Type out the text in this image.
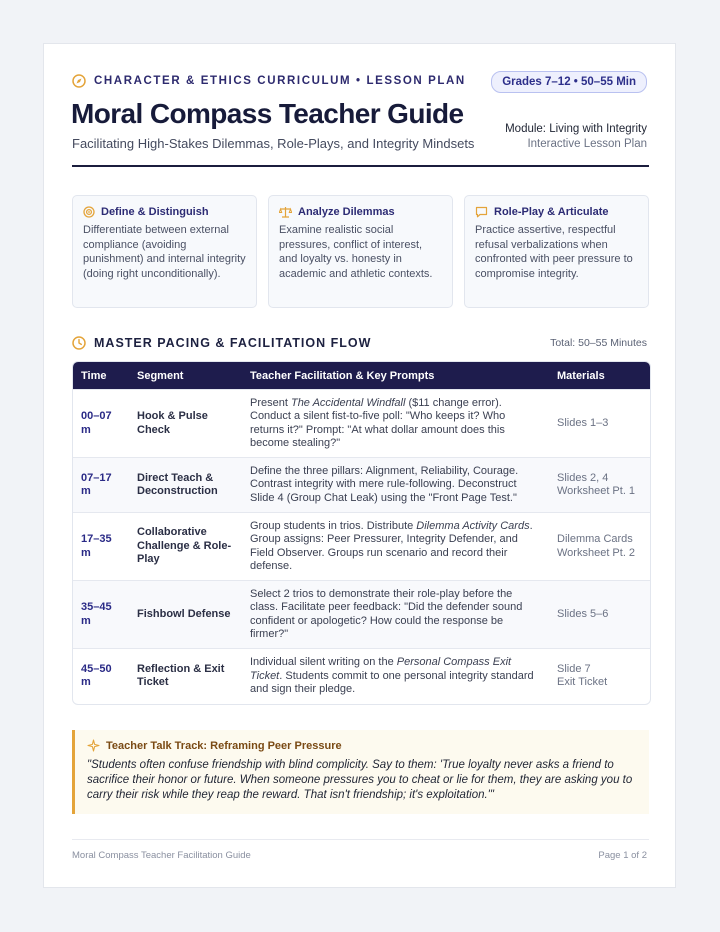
CHARACTER & ETHICS CURRICULUM • LESSON PLAN	Grades 7–12 • 50–55 Min
Moral Compass Teacher Guide
Facilitating High-Stakes Dilemmas, Role-Plays, and Integrity Mindsets
Module: Living with Integrity
Interactive Lesson Plan
Define & Distinguish
Differentiate between external compliance (avoiding punishment) and internal integrity (doing right unconditionally).
Analyze Dilemmas
Examine realistic social pressures, conflict of interest, and loyalty vs. honesty in academic and athletic contexts.
Role-Play & Articulate
Practice assertive, respectful refusal verbalizations when confronted with peer pressure to compromise integrity.
MASTER PACING & FACILITATION FLOW	Total: 50–55 Minutes
Time	Segment	Teacher Facilitation & Key Prompts	Materials
00–07 m	Hook & Pulse Check	Present The Accidental Windfall ($11 change error). Conduct a silent fist-to-five poll: "Who keeps it? Who returns it?" Prompt: "At what dollar amount does this become stealing?"	Slides 1–3

07–17 m	Direct Teach & Deconstruction	Define the three pillars: Alignment, Reliability, Courage. Contrast integrity with mere rule-following. Deconstruct Slide 4 (Group Chat Leak) using the "Front Page Test."	Slides 2, 4
Worksheet Pt. 1

17–35 m	Collaborative Challenge & Role-Play	Group students in trios. Distribute Dilemma Activity Cards. Group assigns: Peer Pressurer, Integrity Defender, and Field Observer. Groups run scenario and record their defense.	Dilemma Cards
Worksheet Pt. 2

35–45 m	Fishbowl Defense	Select 2 trios to demonstrate their role-play before the class. Facilitate peer feedback: "Did the defender sound confident or apologetic? How could the response be firmer?"	Slides 5–6

45–50 m	Reflection & Exit Ticket	Individual silent writing on the Personal Compass Exit Ticket. Students commit to one personal integrity standard and sign their pledge.	Slide 7
Exit Ticket
Teacher Talk Track: Reframing Peer Pressure
"Students often confuse friendship with blind complicity. Say to them: 'True loyalty never asks a friend to sacrifice their honor or future. When someone pressures you to cheat or lie for them, they are asking you to carry their risk while they reap the reward. That isn't friendship; it's exploitation.'"
Moral Compass Teacher Facilitation Guide	Page 1 of 2
